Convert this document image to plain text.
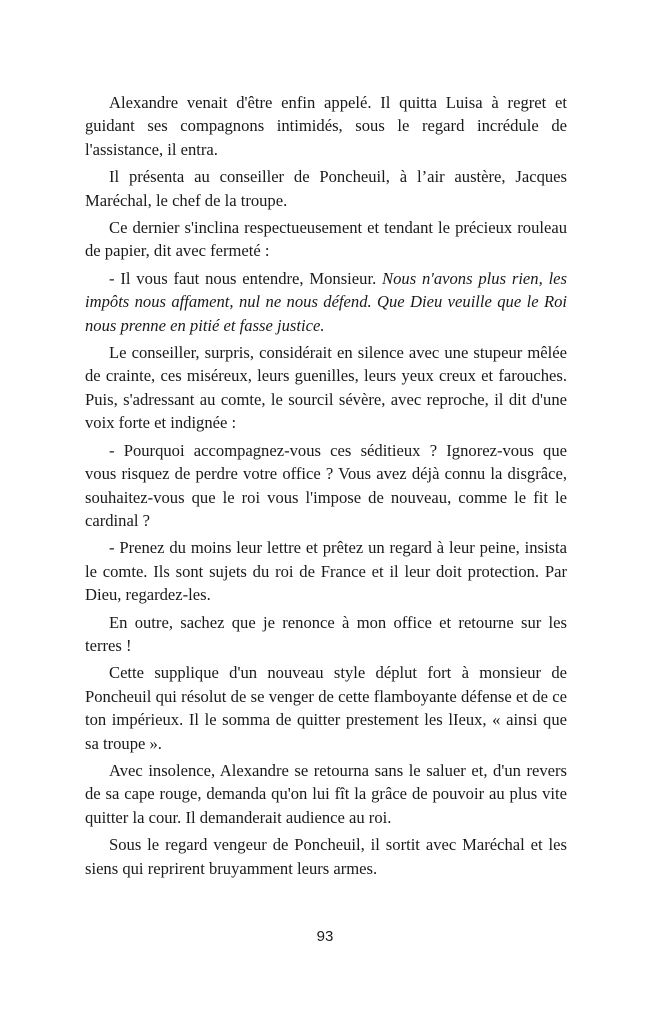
Alexandre venait d'être enfin appelé. Il quitta Luisa à regret et guidant ses compagnons intimidés, sous le regard incrédule de l'assistance, il entra.

Il présenta au conseiller de Poncheuil, à l’air austère, Jacques Maréchal, le chef de la troupe.

Ce dernier s'inclina respectueusement et tendant le précieux rouleau de papier, dit avec fermeté :

- Il vous faut nous entendre, Monsieur. Nous n'avons plus rien, les impôts nous affament, nul ne nous défend. Que Dieu veuille que le Roi nous prenne en pitié et fasse justice.

Le conseiller, surpris, considérait en silence avec une stupeur mêlée de crainte, ces miséreux, leurs guenilles, leurs yeux creux et farouches. Puis, s'adressant au comte, le sourcil sévère, avec reproche, il dit d'une voix forte et indignée :

- Pourquoi accompagnez-vous ces séditieux ? Ignorez-vous que vous risquez de perdre votre office ? Vous avez déjà connu la disgrâce, souhaitez-vous que le roi vous l'impose de nouveau, comme le fit le cardinal ?

- Prenez du moins leur lettre et prêtez un regard à leur peine, insista le comte. Ils sont sujets du roi de France et il leur doit protection. Par Dieu, regardez-les.

En outre, sachez que je renonce à mon office et retourne sur les terres !

Cette supplique d'un nouveau style déplut fort à monsieur de Poncheuil qui résolut de se venger de cette flamboyante défense et de ce ton impérieux. Il le somma de quitter prestement les lIeux, « ainsi que sa troupe ».

Avec insolence, Alexandre se retourna sans le saluer et, d'un revers de sa cape rouge, demanda qu'on lui fît la grâce de pouvoir au plus vite quitter la cour. Il demanderait audience au roi.

Sous le regard vengeur de Poncheuil, il sortit avec Maréchal et les siens qui reprirent bruyamment leurs armes.

93
